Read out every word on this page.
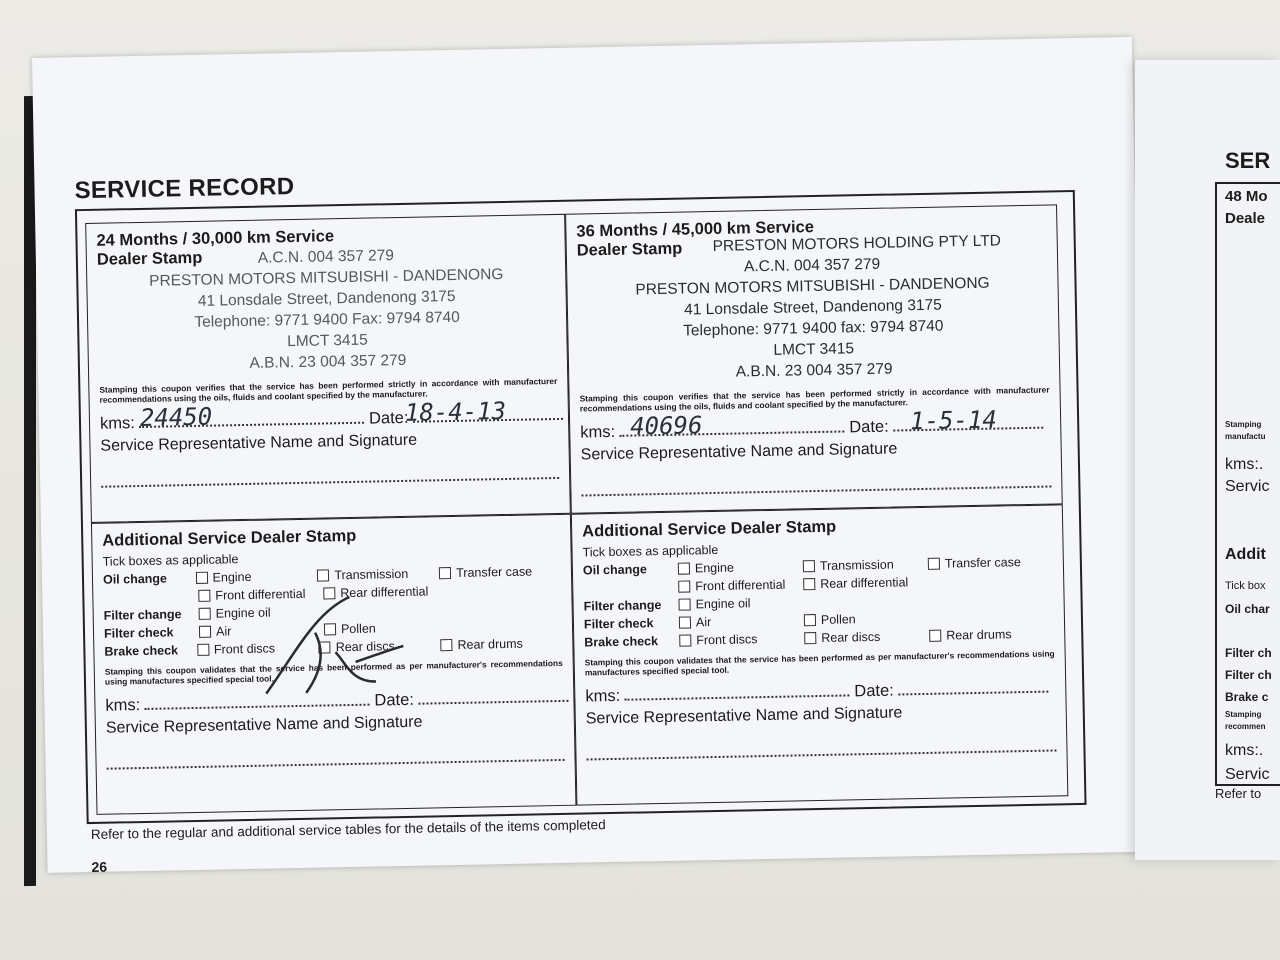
SERVICE RECORD
24 Months / 30,000 km Service
Dealer Stamp	A.C.N. 004 357 279
PRESTON MOTORS MITSUBISHI - DANDENONG
41 Lonsdale Street, Dandenong 3175
Telephone: 9771 9400 Fax: 9794 8740
LMCT 3415
A.B.N. 23 004 357 279
Stamping this coupon verifies that the service has been performed strictly in accordance with manufacturer recommendations using the oils, fluids and coolant specified by the manufacturer.
kms: 24450	Date:
18-4-13
Service Representative Name and Signature
36 Months / 45,000 km Service
Dealer Stamp	PRESTON MOTORS HOLDING PTY LTD
A.C.N. 004 357 279
PRESTON MOTORS MITSUBISHI - DANDENONG
41 Lonsdale Street, Dandenong 3175
Telephone: 9771 9400 fax: 9794 8740
LMCT 3415
A.B.N. 23 004 357 279
Stamping this coupon verifies that the service has been performed strictly in accordance with manufacturer recommendations using the oils, fluids and coolant specified by the manufacturer.
kms: 40696	Date: 1-5-14
Service Representative Name and Signature
Additional Service Dealer Stamp
Tick boxes as applicable
Oil change	Engine	Transmission	Transfer case
Front differential	Rear differential
Filter change	Engine oil
Filter check	Air	Pollen
Brake check	Front discs	Rear discs	Rear drums
Stamping this coupon validates that the service has been performed as per manufacturer's recommendations using manufactures specified special tool.
kms:	Date:
Service Representative Name and Signature
Additional Service Dealer Stamp
Tick boxes as applicable
Oil change	Engine	Transmission	Transfer case
Front differential	Rear differential
Filter change	Engine oil
Filter check	Air	Pollen
Brake check	Front discs	Rear discs	Rear drums
Stamping this coupon validates that the service has been performed as per manufacturer's recommendations using manufactures specified special tool.
kms:	Date:
Service Representative Name and Signature
Refer to the regular and additional service tables for the details of the items completed
26
SER
48 Mo
Deale
Stamping
manufactu
kms:.
Servic
Addit
Tick box
Oil char
Filter ch
Filter ch
Brake c
Stamping
recommen
kms:.
Servic
Refer to
